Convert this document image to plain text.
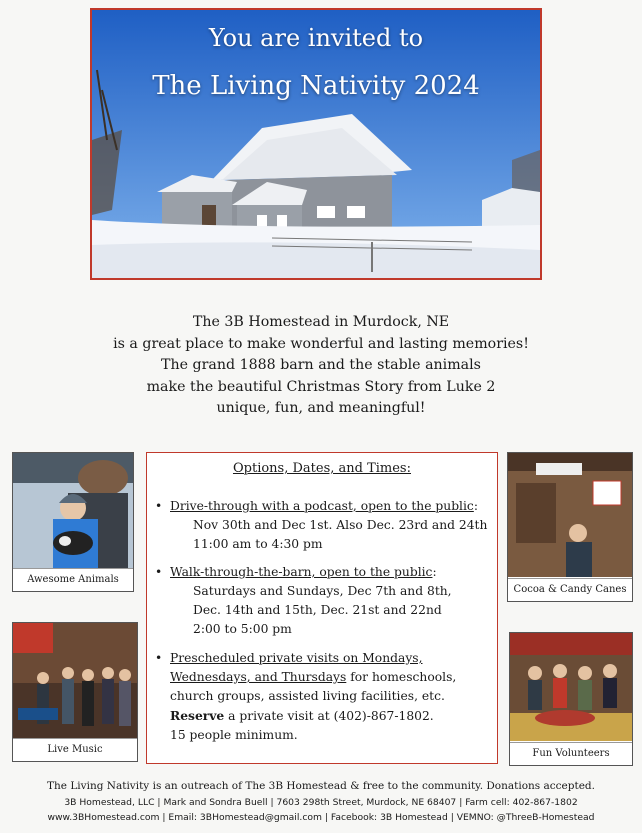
You are invited to
The Living Nativity 2024
The 3B Homestead in Murdock, NE
is a great place to make wonderful and lasting memories!
The grand 1888 barn and the stable animals
make the beautiful Christmas Story from Luke 2
unique, fun, and meaningful!
Awesome Animals
Live Music
Cocoa & Candy Canes
Fun Volunteers
Options, Dates, and Times:
• Drive-through with a podcast, open to the public:
Nov 30th and Dec 1st. Also Dec. 23rd and 24th
11:00 am to 4:30 pm
• Walk-through-the-barn, open to the public:
Saturdays and Sundays, Dec 7th and 8th,
Dec. 14th and 15th, Dec. 21st and 22nd
2:00 to 5:00 pm
• Prescheduled private visits on Mondays,
Wednesdays, and Thursdays for homeschools,
church groups, assisted living facilities, etc.
Reserve a private visit at (402)-867-1802.
15 people minimum.
The Living Nativity is an outreach of The 3B Homestead & free to the community. Donations accepted.
3B Homestead, LLC | Mark and Sondra Buell | 7603 298th Street, Murdock, NE 68407 | Farm cell: 402-867-1802
www.3BHomestead.com | Email: 3BHomestead@gmail.com | Facebook: 3B Homestead | VEMNO: @ThreeB-Homestead
